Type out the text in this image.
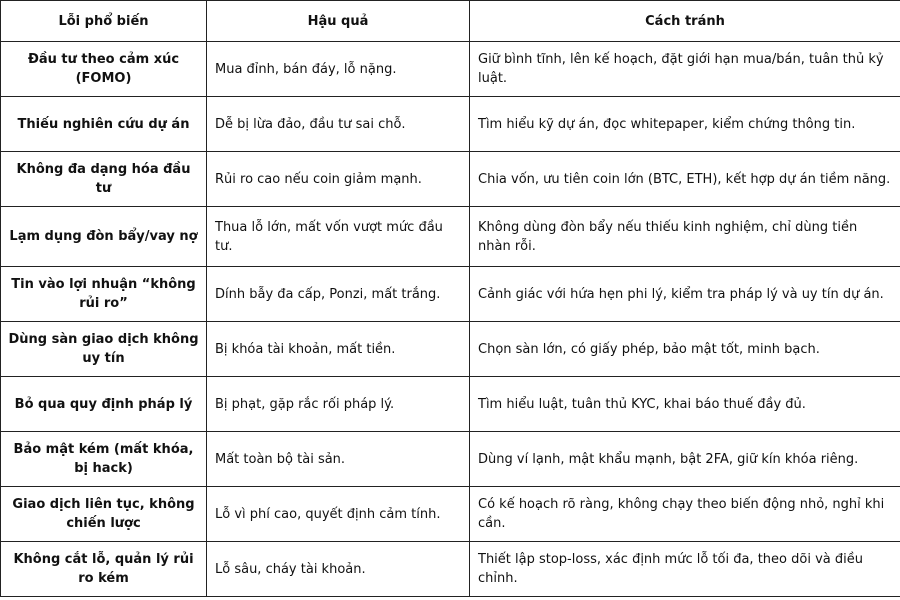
Lỗi phổ biến	Hậu quả	Cách tránh
Đầu tư theo cảm xúc (FOMO)	Mua đỉnh, bán đáy, lỗ nặng.	Giữ bình tĩnh, lên kế hoạch, đặt giới hạn mua/bán, tuân thủ kỷ luật.
Thiếu nghiên cứu dự án	Dễ bị lừa đảo, đầu tư sai chỗ.	Tìm hiểu kỹ dự án, đọc whitepaper, kiểm chứng thông tin.
Không đa dạng hóa đầu tư	Rủi ro cao nếu coin giảm mạnh.	Chia vốn, ưu tiên coin lớn (BTC, ETH), kết hợp dự án tiềm năng.
Lạm dụng đòn bẩy/vay nợ	Thua lỗ lớn, mất vốn vượt mức đầu tư.	Không dùng đòn bẩy nếu thiếu kinh nghiệm, chỉ dùng tiền nhàn rỗi.
Tin vào lợi nhuận “không rủi ro”	Dính bẫy đa cấp, Ponzi, mất trắng.	Cảnh giác với hứa hẹn phi lý, kiểm tra pháp lý và uy tín dự án.
Dùng sàn giao dịch không uy tín	Bị khóa tài khoản, mất tiền.	Chọn sàn lớn, có giấy phép, bảo mật tốt, minh bạch.
Bỏ qua quy định pháp lý	Bị phạt, gặp rắc rối pháp lý.	Tìm hiểu luật, tuân thủ KYC, khai báo thuế đầy đủ.
Bảo mật kém (mất khóa, bị hack)	Mất toàn bộ tài sản.	Dùng ví lạnh, mật khẩu mạnh, bật 2FA, giữ kín khóa riêng.
Giao dịch liên tục, không chiến lược	Lỗ vì phí cao, quyết định cảm tính.	Có kế hoạch rõ ràng, không chạy theo biến động nhỏ, nghỉ khi cần.
Không cắt lỗ, quản lý rủi ro kém	Lỗ sâu, cháy tài khoản.	Thiết lập stop-loss, xác định mức lỗ tối đa, theo dõi và điều chỉnh.
